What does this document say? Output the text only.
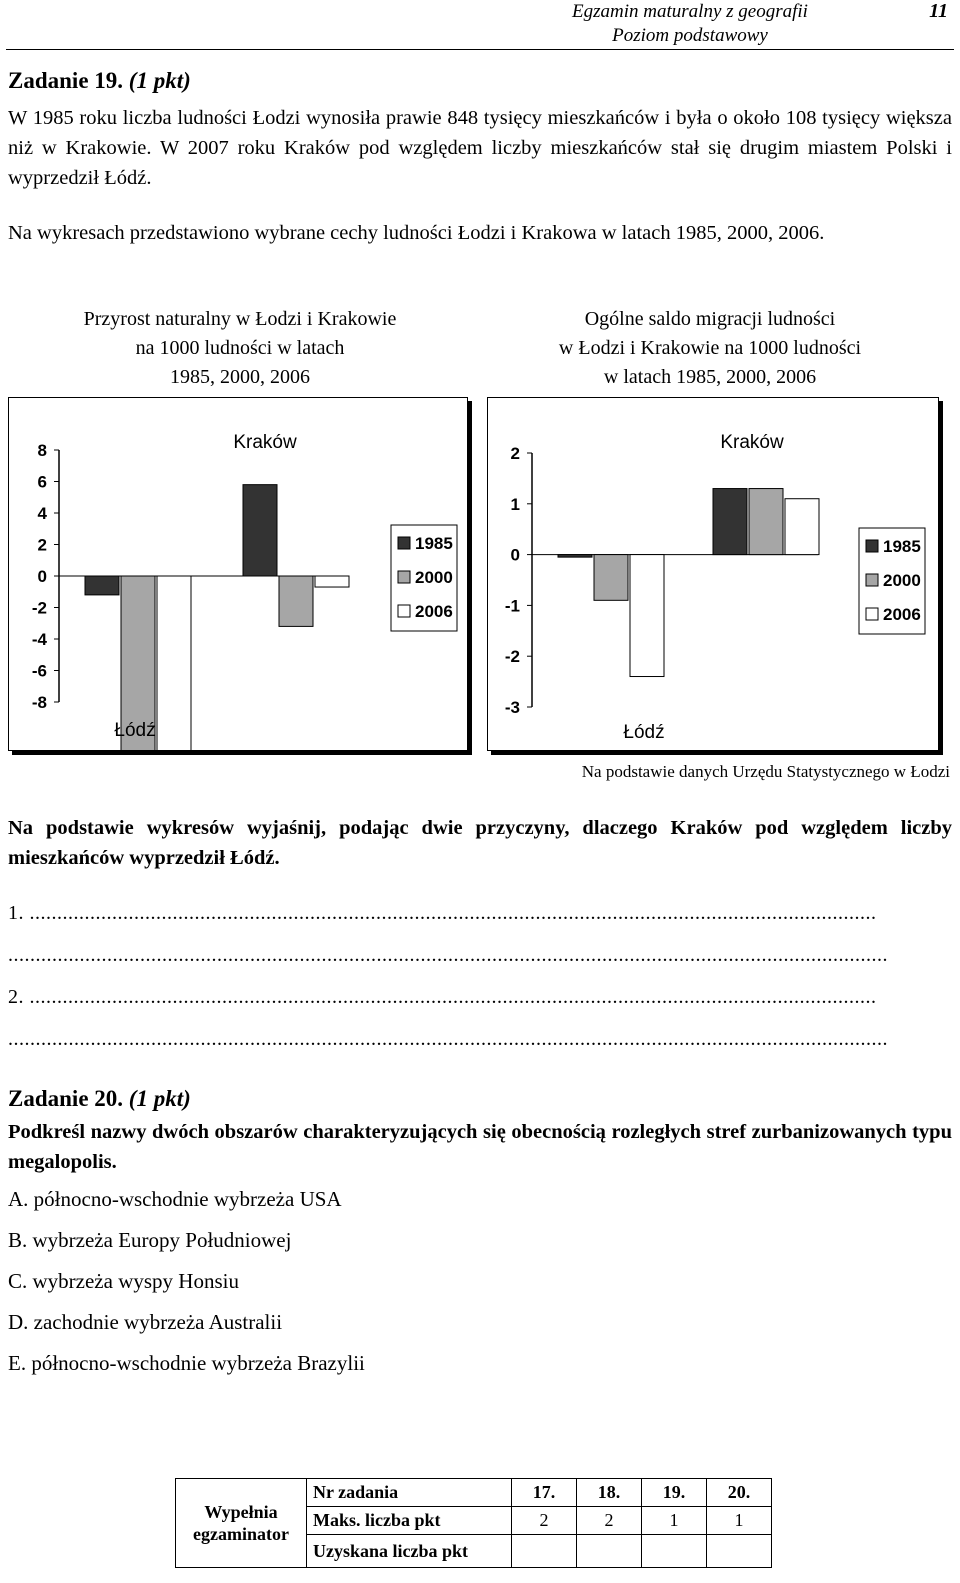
Egzamin maturalny z geografii
Poziom podstawowy
11
Zadanie 19. (1 pkt)
W 1985 roku liczba ludności Łodzi wynosiła prawie 848 tysięcy mieszkańców i była o około 108 tysięcy większa niż w Krakowie. W 2007 roku Kraków pod względem liczby mieszkańców stał się drugim miastem Polski i wyprzedził Łódź.
Na wykresach przedstawiono wybrane cechy ludności Łodzi i Krakowa w latach 1985, 2000, 2006.
Przyrost naturalny w Łodzi i Krakowie
na 1000 ludności w latach
1985, 2000, 2006
Ogólne saldo migracji ludności
w Łodzi i Krakowie na 1000 ludności
w latach 1985, 2000, 2006
8
6
4
2
0
-2
-4
-6
-8
Łódź
Kraków
1985
2000
2006
2
1
0
-1
-2
-3
Łódź
Kraków
1985
2000
2006
Na podstawie danych Urzędu Statystycznego w Łodzi
Na podstawie wykresów wyjaśnij, podając dwie przyczyny, dlaczego Kraków pod względem liczby mieszkańców wyprzedził Łódź.
1. ..........................................................................................................................................................
................................................................................................................................................................
2. ..........................................................................................................................................................
................................................................................................................................................................
Zadanie 20. (1 pkt)
Podkreśl nazwy dwóch obszarów charakteryzujących się obecnością rozległych stref zurbanizowanych typu megalopolis.
A. północno-wschodnie wybrzeża USA
B. wybrzeża Europy Południowej
C. wybrzeża wyspy Honsiu
D. zachodnie wybrzeża Australii
E. północno-wschodnie wybrzeża Brazylii
Wypełnia
egzaminator	Nr zadania	17.	18.	19.	20.
	Maks. liczba pkt	2	2	1	1
	Uzyskana liczba pkt				
